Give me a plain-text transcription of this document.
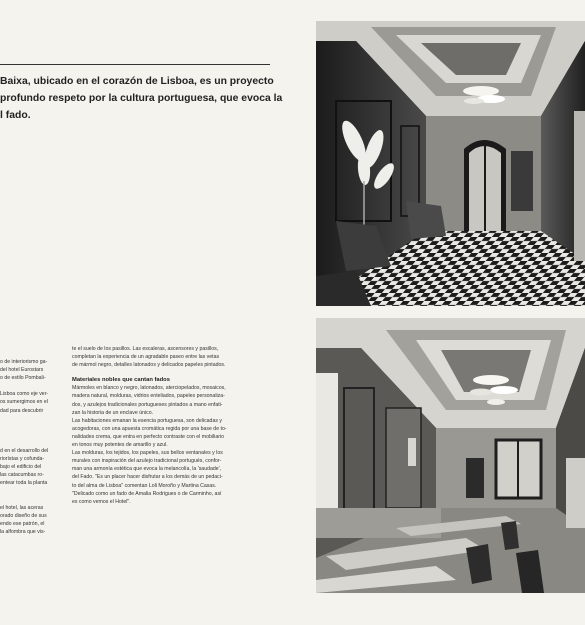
Baixa, ubicado en el corazón de Lisboa, es un proyecto
profundo respeto por la cultura portuguesa, que evoca la
l fado.
o de interiorismo ga-
del hotel Eurostars
o de estilo Pombali-
Lisboa como eje ver-
os sumergimos en el
dad para descubrir
d en el desarrollo del
riorístas y cofunda-
bajo el edificio del
las catacumbas ro-
entear toda la planta
el hotel, las aceras
orado diseño de sus
endo ese patrón, el
la alfombra que vis-
te el suelo de los pasillos. Las escaleras, ascensores y pasillos,
completan la experiencia de un agradable paseo entre las vetas
de mármol negro, detalles latonados y delicados papeles pintados.
Materiales nobles que cantan fados
Mármoles en blanco y negro, latonados, aterciopelados, mosaicos,
madera natural, molduras, vidrios enteliados, papeles personaliza-
dos, y azulejos tradicionales portugueses pintados a mano enfati-
zan la historia de un enclave único.
Las habitaciones emanan la esencia portuguesa, son delicadas y
acogedoras, con una apuesta cromática regida por una base de to-
nalidades crema, que entra en perfecto contraste con el mobiliario
en tonos muy potentes de amarillo y azul.
Las molduras, los tejidos, los papeles, sus bellos ventanales y los
murales con inspiración del azulejo tradicional portugués, confor-
man una armonía estética que evoca la melancolía, la 'saudade',
del Fado. "Es un placer hacer disfrutar a los demás de un pedaci-
to del alma de Lisboa" comentan Loli Moroño y Martina Casas.
"Delicado como un fado de Amalia Rodrigues o de Carminho, así
es como vemos el Hotel".
